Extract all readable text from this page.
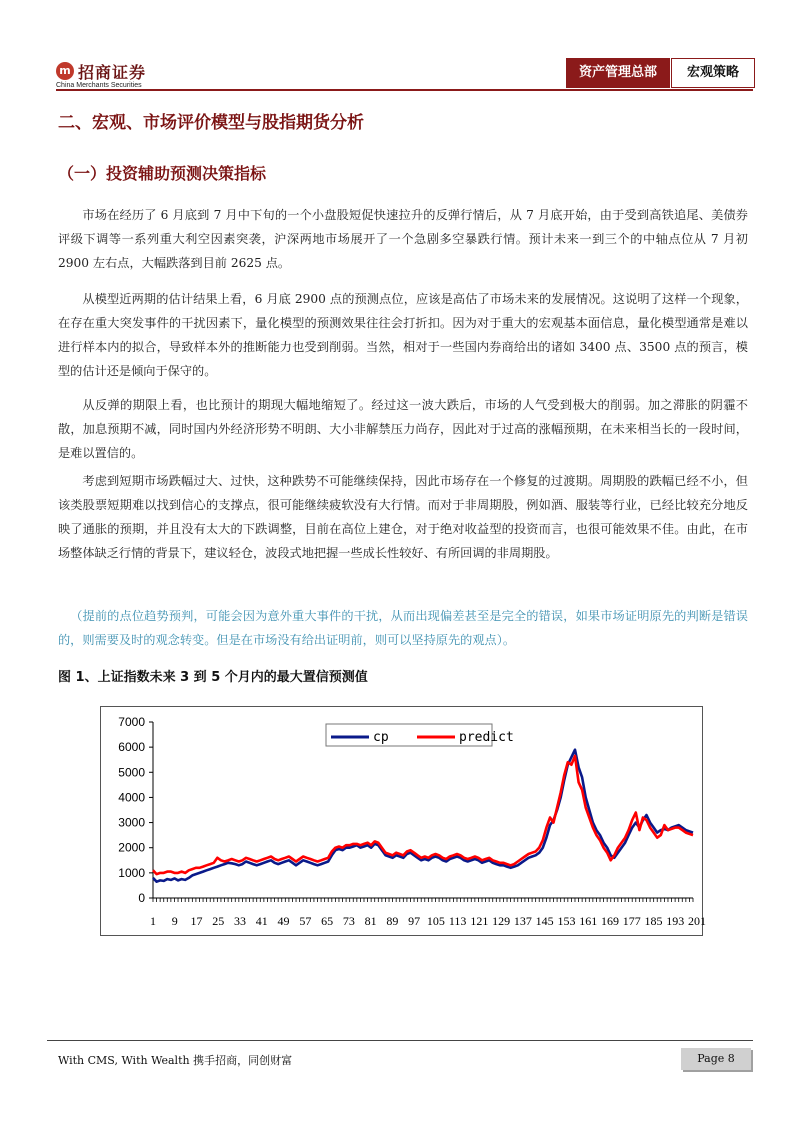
m 招商证券
China Merchants Securities
资产管理总部	宏观策略
二、宏观、市场评价模型与股指期货分析
（一）投资辅助预测决策指标
市场在经历了 6 月底到 7 月中下旬的一个小盘股短促快速拉升的反弹行情后，从 7 月底开始，由于受到高铁追尾、美债券评级下调等一系列重大利空因素突袭，沪深两地市场展开了一个急剧多空暴跌行情。预计未来一到三个的中轴点位从 7 月初 2900 左右点，大幅跌落到目前 2625 点。
从模型近两期的估计结果上看，6 月底 2900 点的预测点位，应该是高估了市场未来的发展情况。这说明了这样一个现象，在存在重大突发事件的干扰因素下，量化模型的预测效果往往会打折扣。因为对于重大的宏观基本面信息，量化模型通常是难以进行样本内的拟合，导致样本外的推断能力也受到削弱。当然，相对于一些国内券商给出的诸如 3400 点、3500 点的预言，模型的估计还是倾向于保守的。
从反弹的期限上看，也比预计的期现大幅地缩短了。经过这一波大跌后，市场的人气受到极大的削弱。加之滞胀的阴霾不散，加息预期不减，同时国内外经济形势不明朗、大小非解禁压力尚存，因此对于过高的涨幅预期，在未来相当长的一段时间，是难以置信的。
考虑到短期市场跌幅过大、过快，这种跌势不可能继续保持，因此市场存在一个修复的过渡期。周期股的跌幅已经不小，但该类股票短期难以找到信心的支撑点，很可能继续疲软没有大行情。而对于非周期股，例如酒、服装等行业，已经比较充分地反映了通胀的预期，并且没有太大的下跌调整，目前在高位上建仓，对于绝对收益型的投资而言，也很可能效果不佳。由此，在市场整体缺乏行情的背景下，建议轻仓，波段式地把握一些成长性较好、有所回调的非周期股。
（提前的点位趋势预判，可能会因为意外重大事件的干扰，从而出现偏差甚至是完全的错误，如果市场证明原先的判断是错误的，则需要及时的观念转变。但是在市场没有给出证明前，则可以坚持原先的观点）。
图 1、上证指数未来 3 到 5 个月内的最大置信预测值
0
1000
2000
3000
4000
5000
6000
7000
1 9 17 25 33 41 49 57 65 73 81 89 97 105 113 121 129 137 145 153 161 169 177 185 193 201
cp	predict
With CMS, With Wealth 携手招商，同创财富	Page 8
